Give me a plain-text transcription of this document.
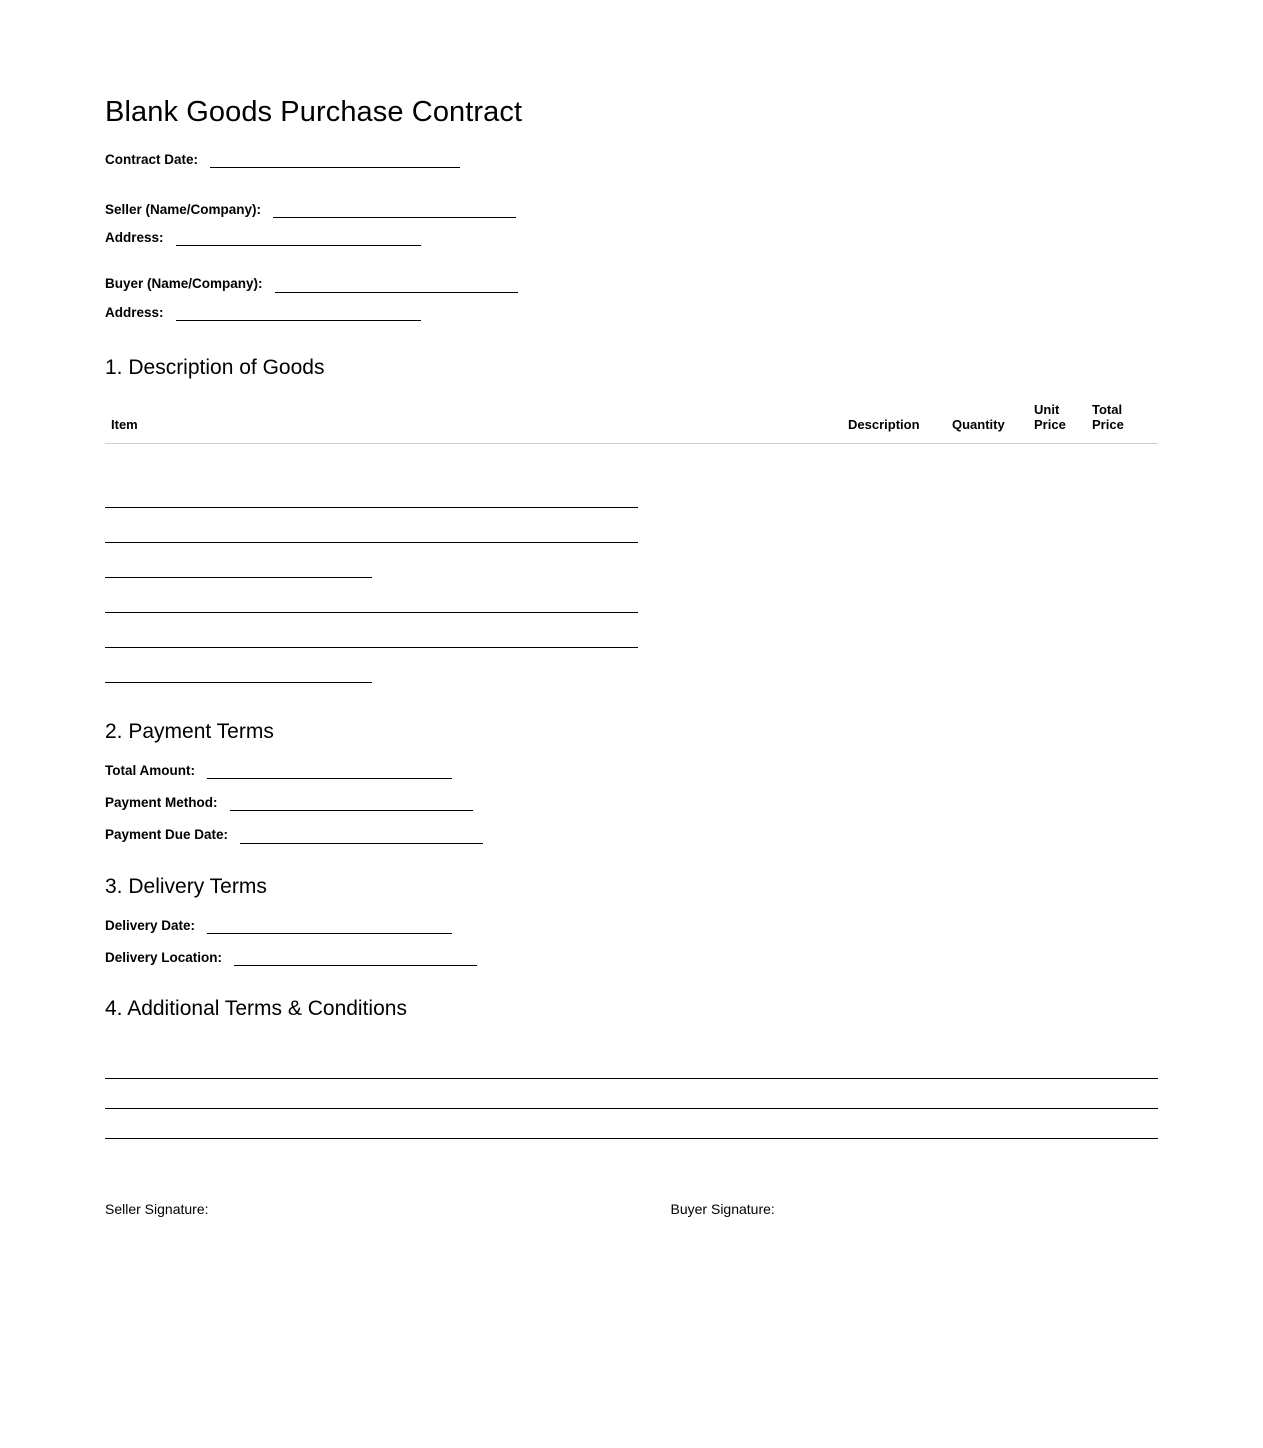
Blank Goods Purchase Contract
Contract Date:
Seller (Name/Company):
Address:
Buyer (Name/Company):
Address:
1. Description of Goods
Item	Description	Quantity	Unit Price	Total Price

2. Payment Terms
Total Amount:
Payment Method:
Payment Due Date:
3. Delivery Terms
Delivery Date:
Delivery Location:
4. Additional Terms & Conditions
Seller Signature:	Buyer Signature:
